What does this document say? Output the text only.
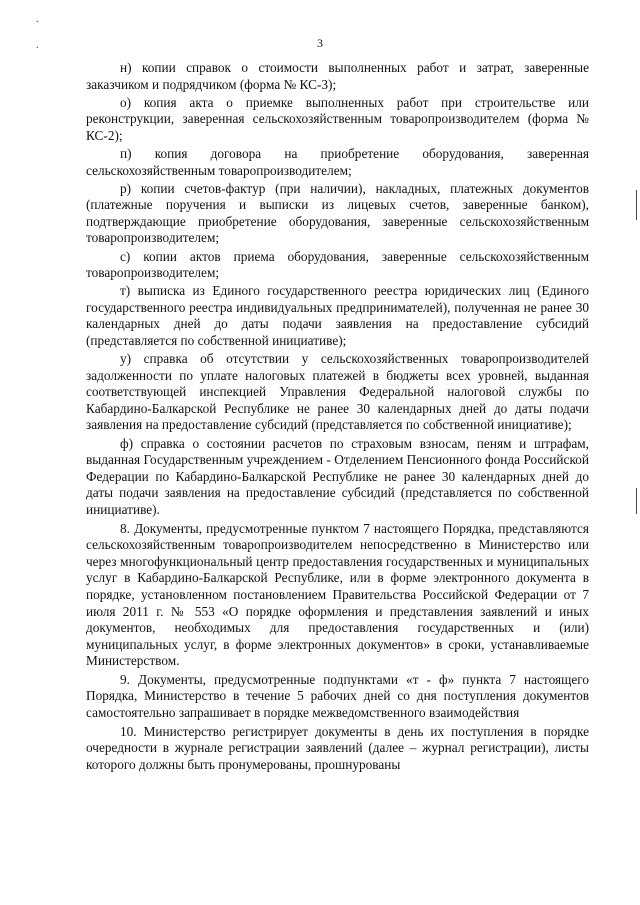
.
.	3

н) копии справок о стоимости выполненных работ и затрат, заверенные заказчиком и подрядчиком (форма № КС-3);

о) копия акта о приемке выполненных работ при строительстве или реконструкции, заверенная сельскохозяйственным товаропроизводителем (форма № КС-2);

п) копия договора на приобретение оборудования, заверенная сельскохозяйственным товаропроизводителем;

р) копии счетов-фактур (при наличии), накладных, платежных документов (платежные поручения и выписки из лицевых счетов, заверенные банком), подтверждающие приобретение оборудования, заверенные сельскохозяйственным товаропроизводителем;

с) копии актов приема оборудования, заверенные сельскохозяйственным товаропроизводителем;

т) выписка из Единого государственного реестра юридических лиц (Единого государственного реестра индивидуальных предпринимателей), полученная не ранее 30 календарных дней до даты подачи заявления на предоставление субсидий (представляется по собственной инициативе);

у) справка об отсутствии у сельскохозяйственных товаропроизводителей задолженности по уплате налоговых платежей в бюджеты всех уровней, выданная соответствующей инспекцией Управления Федеральной налоговой службы по Кабардино-Балкарской Республике не ранее 30 календарных дней до даты подачи заявления на предоставление субсидий (представляется по собственной инициативе);

ф) справка о состоянии расчетов по страховым взносам, пеням и штрафам, выданная Государственным учреждением - Отделением Пенсионного фонда Российской Федерации по Кабардино-Балкарской Республике не ранее 30 календарных дней до даты подачи заявления на предоставление субсидий (представляется по собственной инициативе).

8. Документы, предусмотренные пунктом 7 настоящего Порядка, представляются сельскохозяйственным товаропроизводителем непосредственно в Министерство или через многофункциональный центр предоставления государственных и муниципальных услуг в Кабардино-Балкарской Республике, или в форме электронного документа в порядке, установленном постановлением Правительства Российской Федерации от 7 июля 2011 г. № 553 «О порядке оформления и представления заявлений и иных документов, необходимых для предоставления государственных и (или) муниципальных услуг, в форме электронных документов» в сроки, устанавливаемые Министерством.

9. Документы, предусмотренные подпунктами «т - ф» пункта 7 настоящего Порядка, Министерство в течение 5 рабочих дней со дня поступления документов самостоятельно запрашивает в порядке межведомственного взаимодействия

10. Министерство регистрирует документы в день их поступления в порядке очередности в журнале регистрации заявлений (далее – журнал регистрации), листы которого должны быть пронумерованы, прошнурованы
